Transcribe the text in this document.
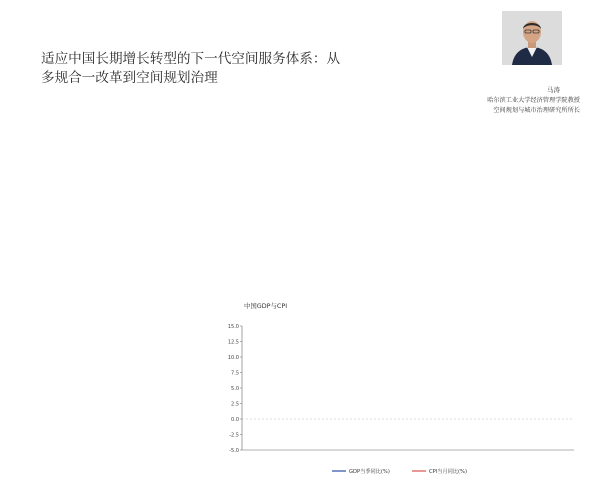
适应中国长期增长转型的下一代空间服务体系：从
多规合一改革到空间规划治理
马涛
哈尔滨工业大学经济管理学院教授
空间规划与城市治理研究所所长

中国GDP与CPI
15.0
12.5
10.0
7.5
5.0
2.5
0.0
-2.5
-5.0
GDP当季同比(%)	CPI当月同比(%)
